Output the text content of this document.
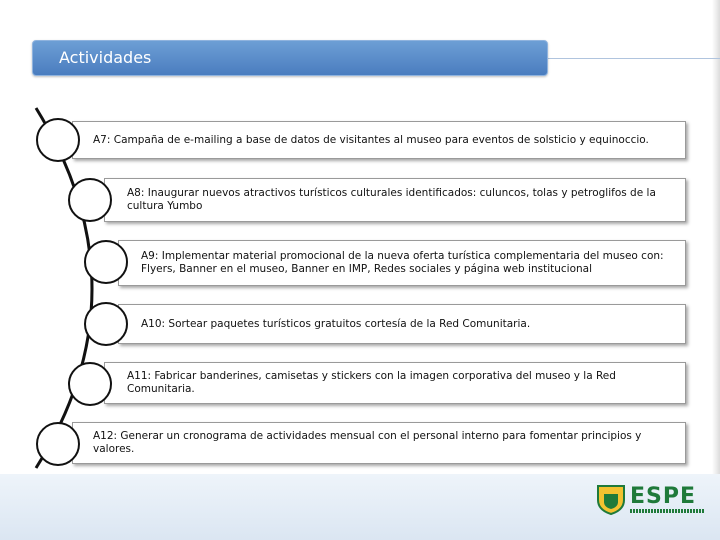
Actividades
A7: Campaña de e-mailing a base de datos de visitantes al museo para eventos de solsticio y equinoccio.
A8: Inaugurar nuevos atractivos turísticos culturales identificados: culuncos, tolas y petroglifos de la cultura Yumbo
A9: Implementar material promocional de la nueva oferta turística complementaria del museo con: Flyers, Banner en el museo, Banner en IMP, Redes sociales y página web institucional
A10: Sortear paquetes turísticos gratuitos cortesía de la Red Comunitaria.
A11: Fabricar banderines, camisetas y stickers con la imagen corporativa del museo y la Red Comunitaria.
A12: Generar un cronograma de actividades mensual con el personal interno para fomentar principios y valores.
ESPE
